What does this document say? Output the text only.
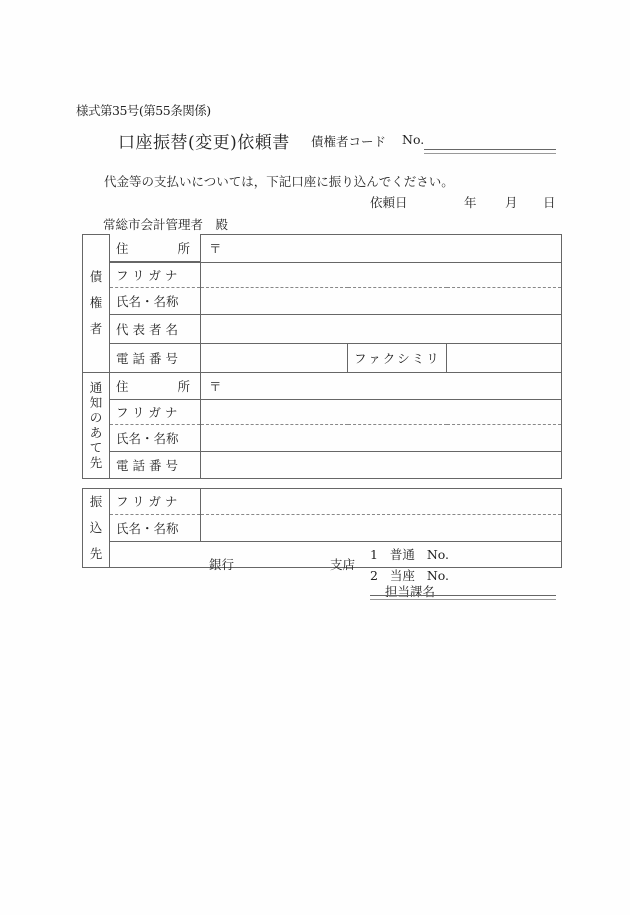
様式第35号(第55条関係)
口座振替(変更)依頼書 債権者コード No.
代金等の支払いについては，下記口座に振り込んでください。
依頼日	年 月 日
常総市会計管理者　殿
債
権
者

住	所 〒		
	フリガナ			
	氏名・名称			
	代表者名			
	電話番号		ファクシミリ	

通
知
の
あ
て
先

住	所	〒
	フリガナ			
	氏名・名称			
	電話番号			
振
込
先	フリガナ	
	氏名・名称	

	銀行 支店
1 普通 No.
2 当座 No.	
担当課名
